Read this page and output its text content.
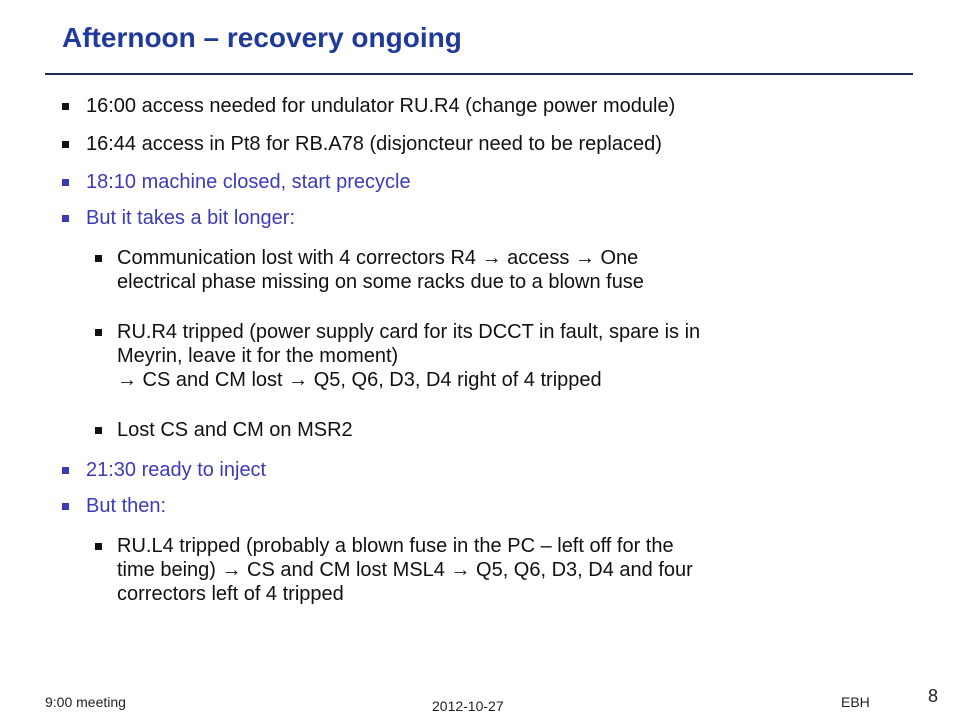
Afternoon – recovery ongoing
16:00 access needed for undulator RU.R4 (change power module)
16:44 access in Pt8 for RB.A78 (disjoncteur need to be replaced)
18:10 machine closed, start precycle
But it takes a bit longer:
Communication lost with 4 correctors R4 → access → One
electrical phase missing on some racks due to a blown fuse
RU.R4 tripped (power supply card for its DCCT in fault, spare is in
Meyrin, leave it for the moment)
→ CS and CM lost → Q5, Q6, D3, D4 right of 4 tripped
Lost CS and CM on MSR2
21:30 ready to inject
But then:
RU.L4 tripped (probably a blown fuse in the PC – left off for the
time being) → CS and CM lost MSL4 → Q5, Q6, D3, D4 and four
correctors left of 4 tripped
9:00 meeting	2012-10-27	EBH	8
